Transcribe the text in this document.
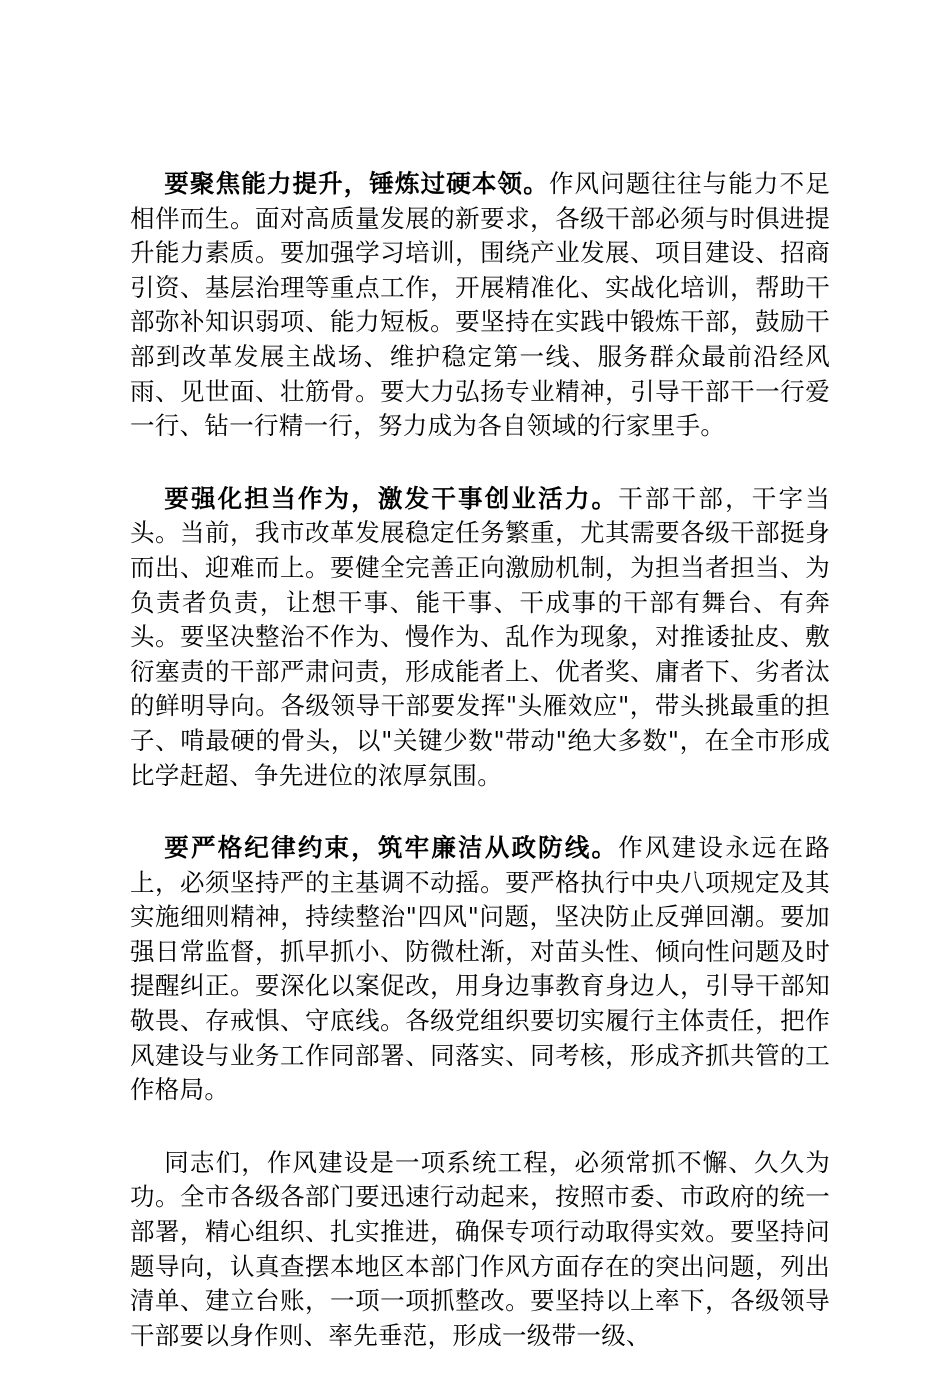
要聚焦能力提升，锤炼过硬本领。作风问题往往与能力不足相伴而生。面对高质量发展的新要求，各级干部必须与时俱进提升能力素质。要加强学习培训，围绕产业发展、项目建设、招商引资、基层治理等重点工作，开展精准化、实战化培训，帮助干部弥补知识弱项、能力短板。要坚持在实践中锻炼干部，鼓励干部到改革发展主战场、维护稳定第一线、服务群众最前沿经风雨、见世面、壮筋骨。要大力弘扬专业精神，引导干部干一行爱一行、钻一行精一行，努力成为各自领域的行家里手。

要强化担当作为，激发干事创业活力。干部干部，干字当头。当前，我市改革发展稳定任务繁重，尤其需要各级干部挺身而出、迎难而上。要健全完善正向激励机制，为担当者担当、为负责者负责，让想干事、能干事、干成事的干部有舞台、有奔头。要坚决整治不作为、慢作为、乱作为现象，对推诿扯皮、敷衍塞责的干部严肃问责，形成能者上、优者奖、庸者下、劣者汰的鲜明导向。各级领导干部要发挥"头雁效应"，带头挑最重的担子、啃最硬的骨头，以"关键少数"带动"绝大多数"，在全市形成比学赶超、争先进位的浓厚氛围。

要严格纪律约束，筑牢廉洁从政防线。作风建设永远在路上，必须坚持严的主基调不动摇。要严格执行中央八项规定及其实施细则精神，持续整治"四风"问题，坚决防止反弹回潮。要加强日常监督，抓早抓小、防微杜渐，对苗头性、倾向性问题及时提醒纠正。要深化以案促改，用身边事教育身边人，引导干部知敬畏、存戒惧、守底线。各级党组织要切实履行主体责任，把作风建设与业务工作同部署、同落实、同考核，形成齐抓共管的工作格局。

同志们，作风建设是一项系统工程，必须常抓不懈、久久为功。全市各级各部门要迅速行动起来，按照市委、市政府的统一部署，精心组织、扎实推进，确保专项行动取得实效。要坚持问题导向，认真查摆本地区本部门作风方面存在的突出问题，列出清单、建立台账，一项一项抓整改。要坚持以上率下，各级领导干部要以身作则、率先垂范，形成一级带一级、
